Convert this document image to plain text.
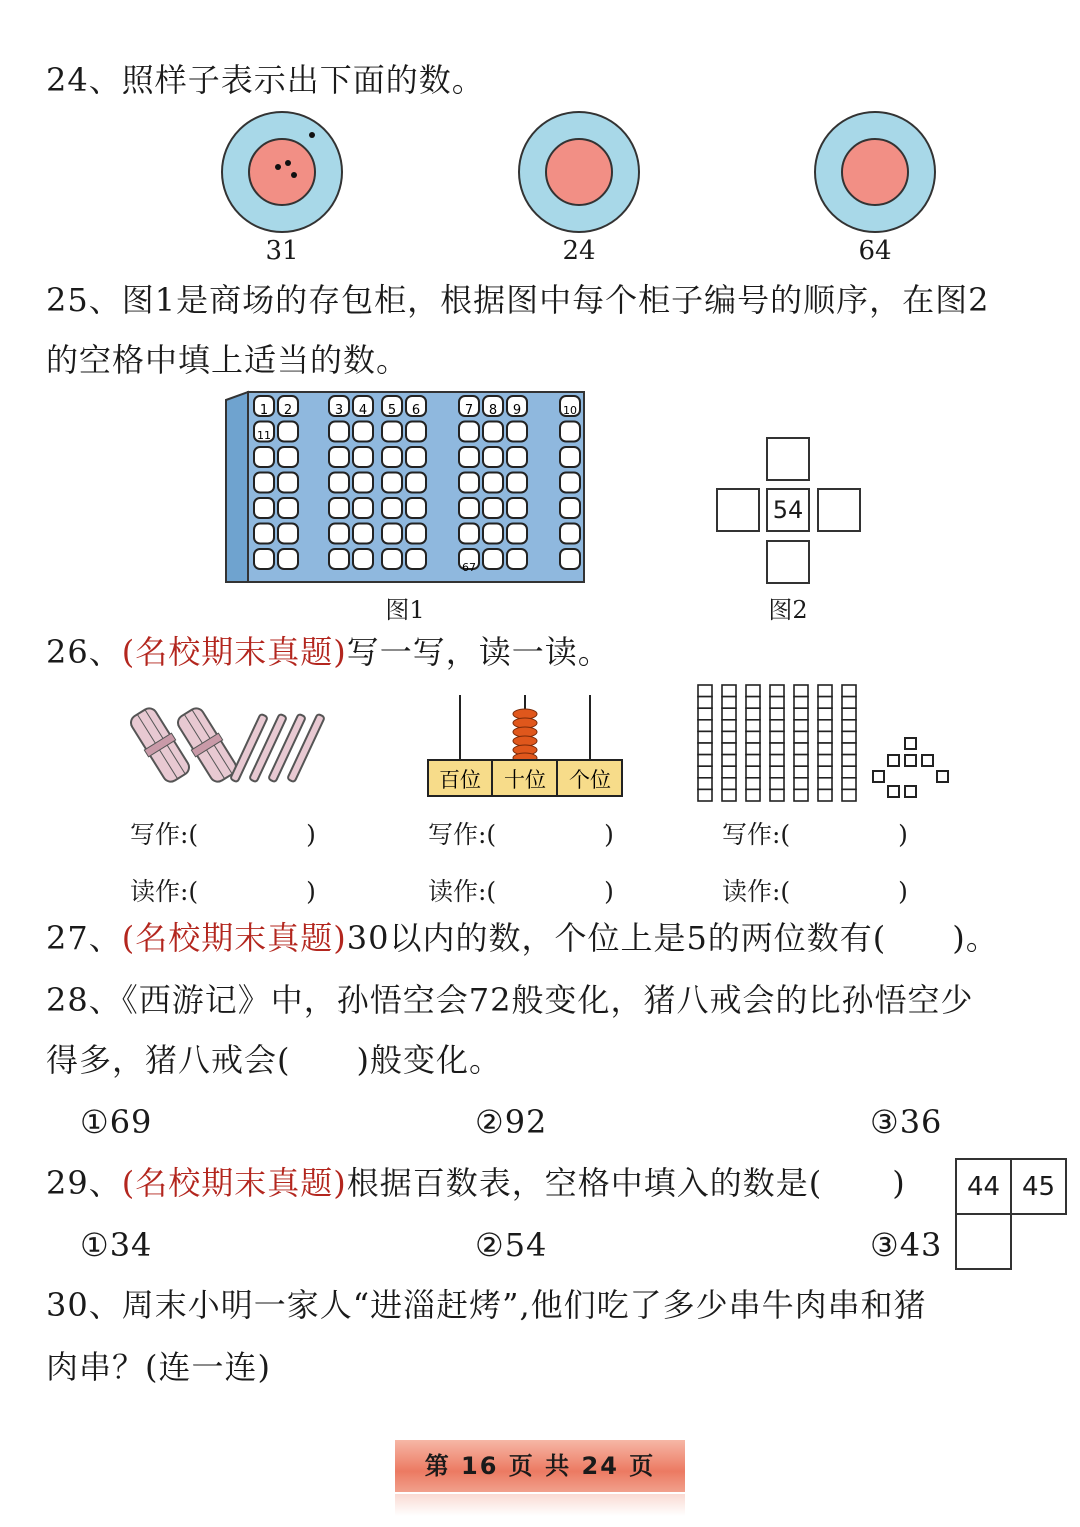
24、照样子表示出下面的数。
31	24	64
25、图1是商场的存包柜，根据图中每个柜子编号的顺序，在图2
的空格中填上适当的数。
1 2	3 4 5 6	7 8 9	10
11
67
图1
54
图2
26、(名校期末真题)写一写，读一读。
百位 十位 个位
写作:(	)
读作:(	)
写作:(	)
读作:(	)
写作:(	)
读作:(	)
27、(名校期末真题)30以内的数，个位上是5的两位数有(　　)。
28、《西游记》中，孙悟空会72般变化，猪八戒会的比孙悟空少
得多，猪八戒会(　　)般变化。
①69	②92	③36
29、(名校期末真题)根据百数表，空格中填入的数是( )
①34	②54	③43
44 45
30、周末小明一家人“进淄赶烤”,他们吃了多少串牛肉串和猪
肉串？(连一连)
第 16 页 共 24 页
